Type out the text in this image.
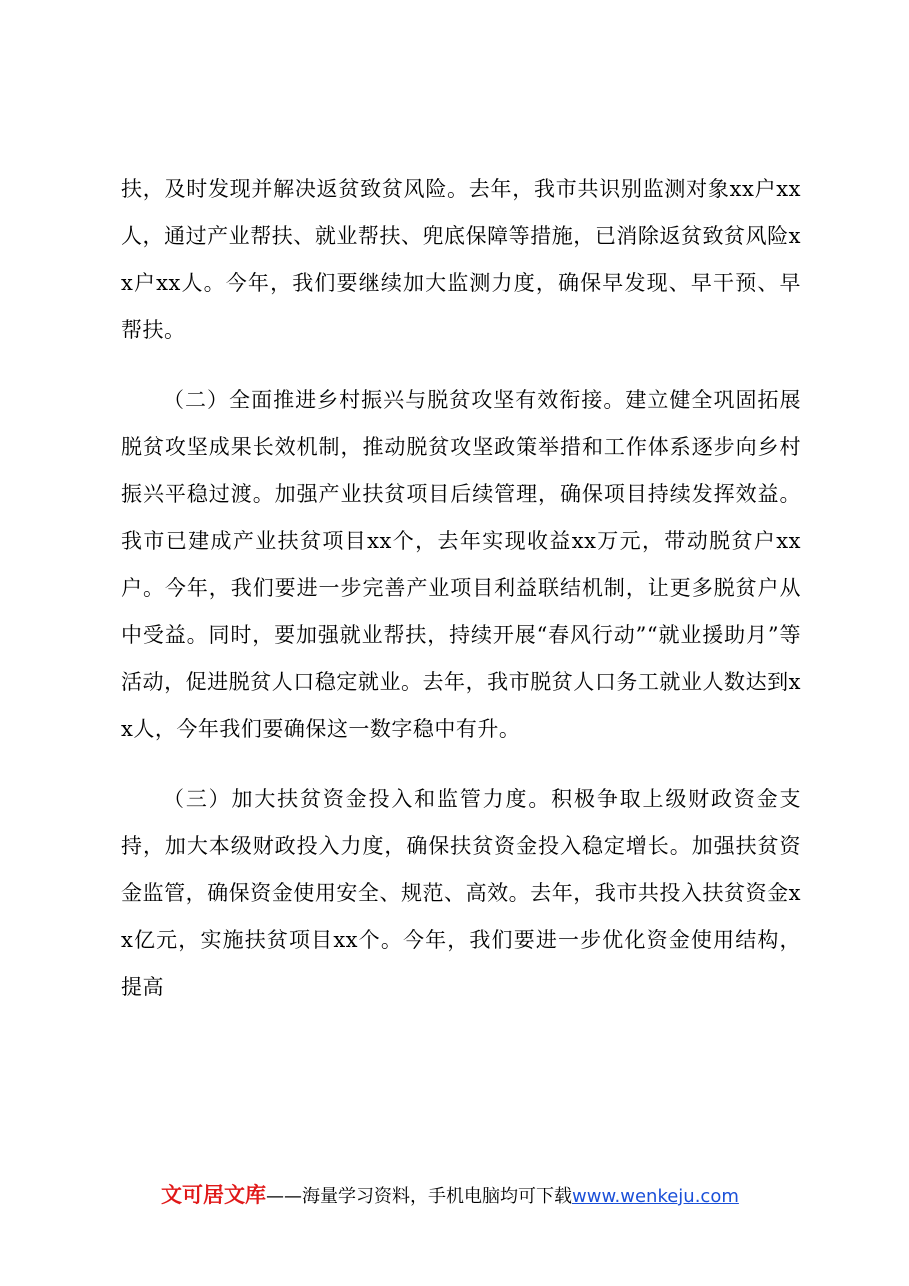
扶，及时发现并解决返贫致贫风险。去年，我市共识别监测对象xx户xx人，通过产业帮扶、就业帮扶、兜底保障等措施，已消除返贫致贫风险xx户xx人。今年，我们要继续加大监测力度，确保早发现、早干预、早帮扶。

（二）全面推进乡村振兴与脱贫攻坚有效衔接。建立健全巩固拓展脱贫攻坚成果长效机制，推动脱贫攻坚政策举措和工作体系逐步向乡村振兴平稳过渡。加强产业扶贫项目后续管理，确保项目持续发挥效益。我市已建成产业扶贫项目xx个，去年实现收益xx万元，带动脱贫户xx户。今年，我们要进一步完善产业项目利益联结机制，让更多脱贫户从中受益。同时，要加强就业帮扶，持续开展“春风行动”“就业援助月”等活动，促进脱贫人口稳定就业。去年，我市脱贫人口务工就业人数达到xx人，今年我们要确保这一数字稳中有升。

（三）加大扶贫资金投入和监管力度。积极争取上级财政资金支持，加大本级财政投入力度，确保扶贫资金投入稳定增长。加强扶贫资金监管，确保资金使用安全、规范、高效。去年，我市共投入扶贫资金xx亿元，实施扶贫项目xx个。今年，我们要进一步优化资金使用结构，提高

文可居文库——海量学习资料，手机电脑均可下载www.wenkeju.com
